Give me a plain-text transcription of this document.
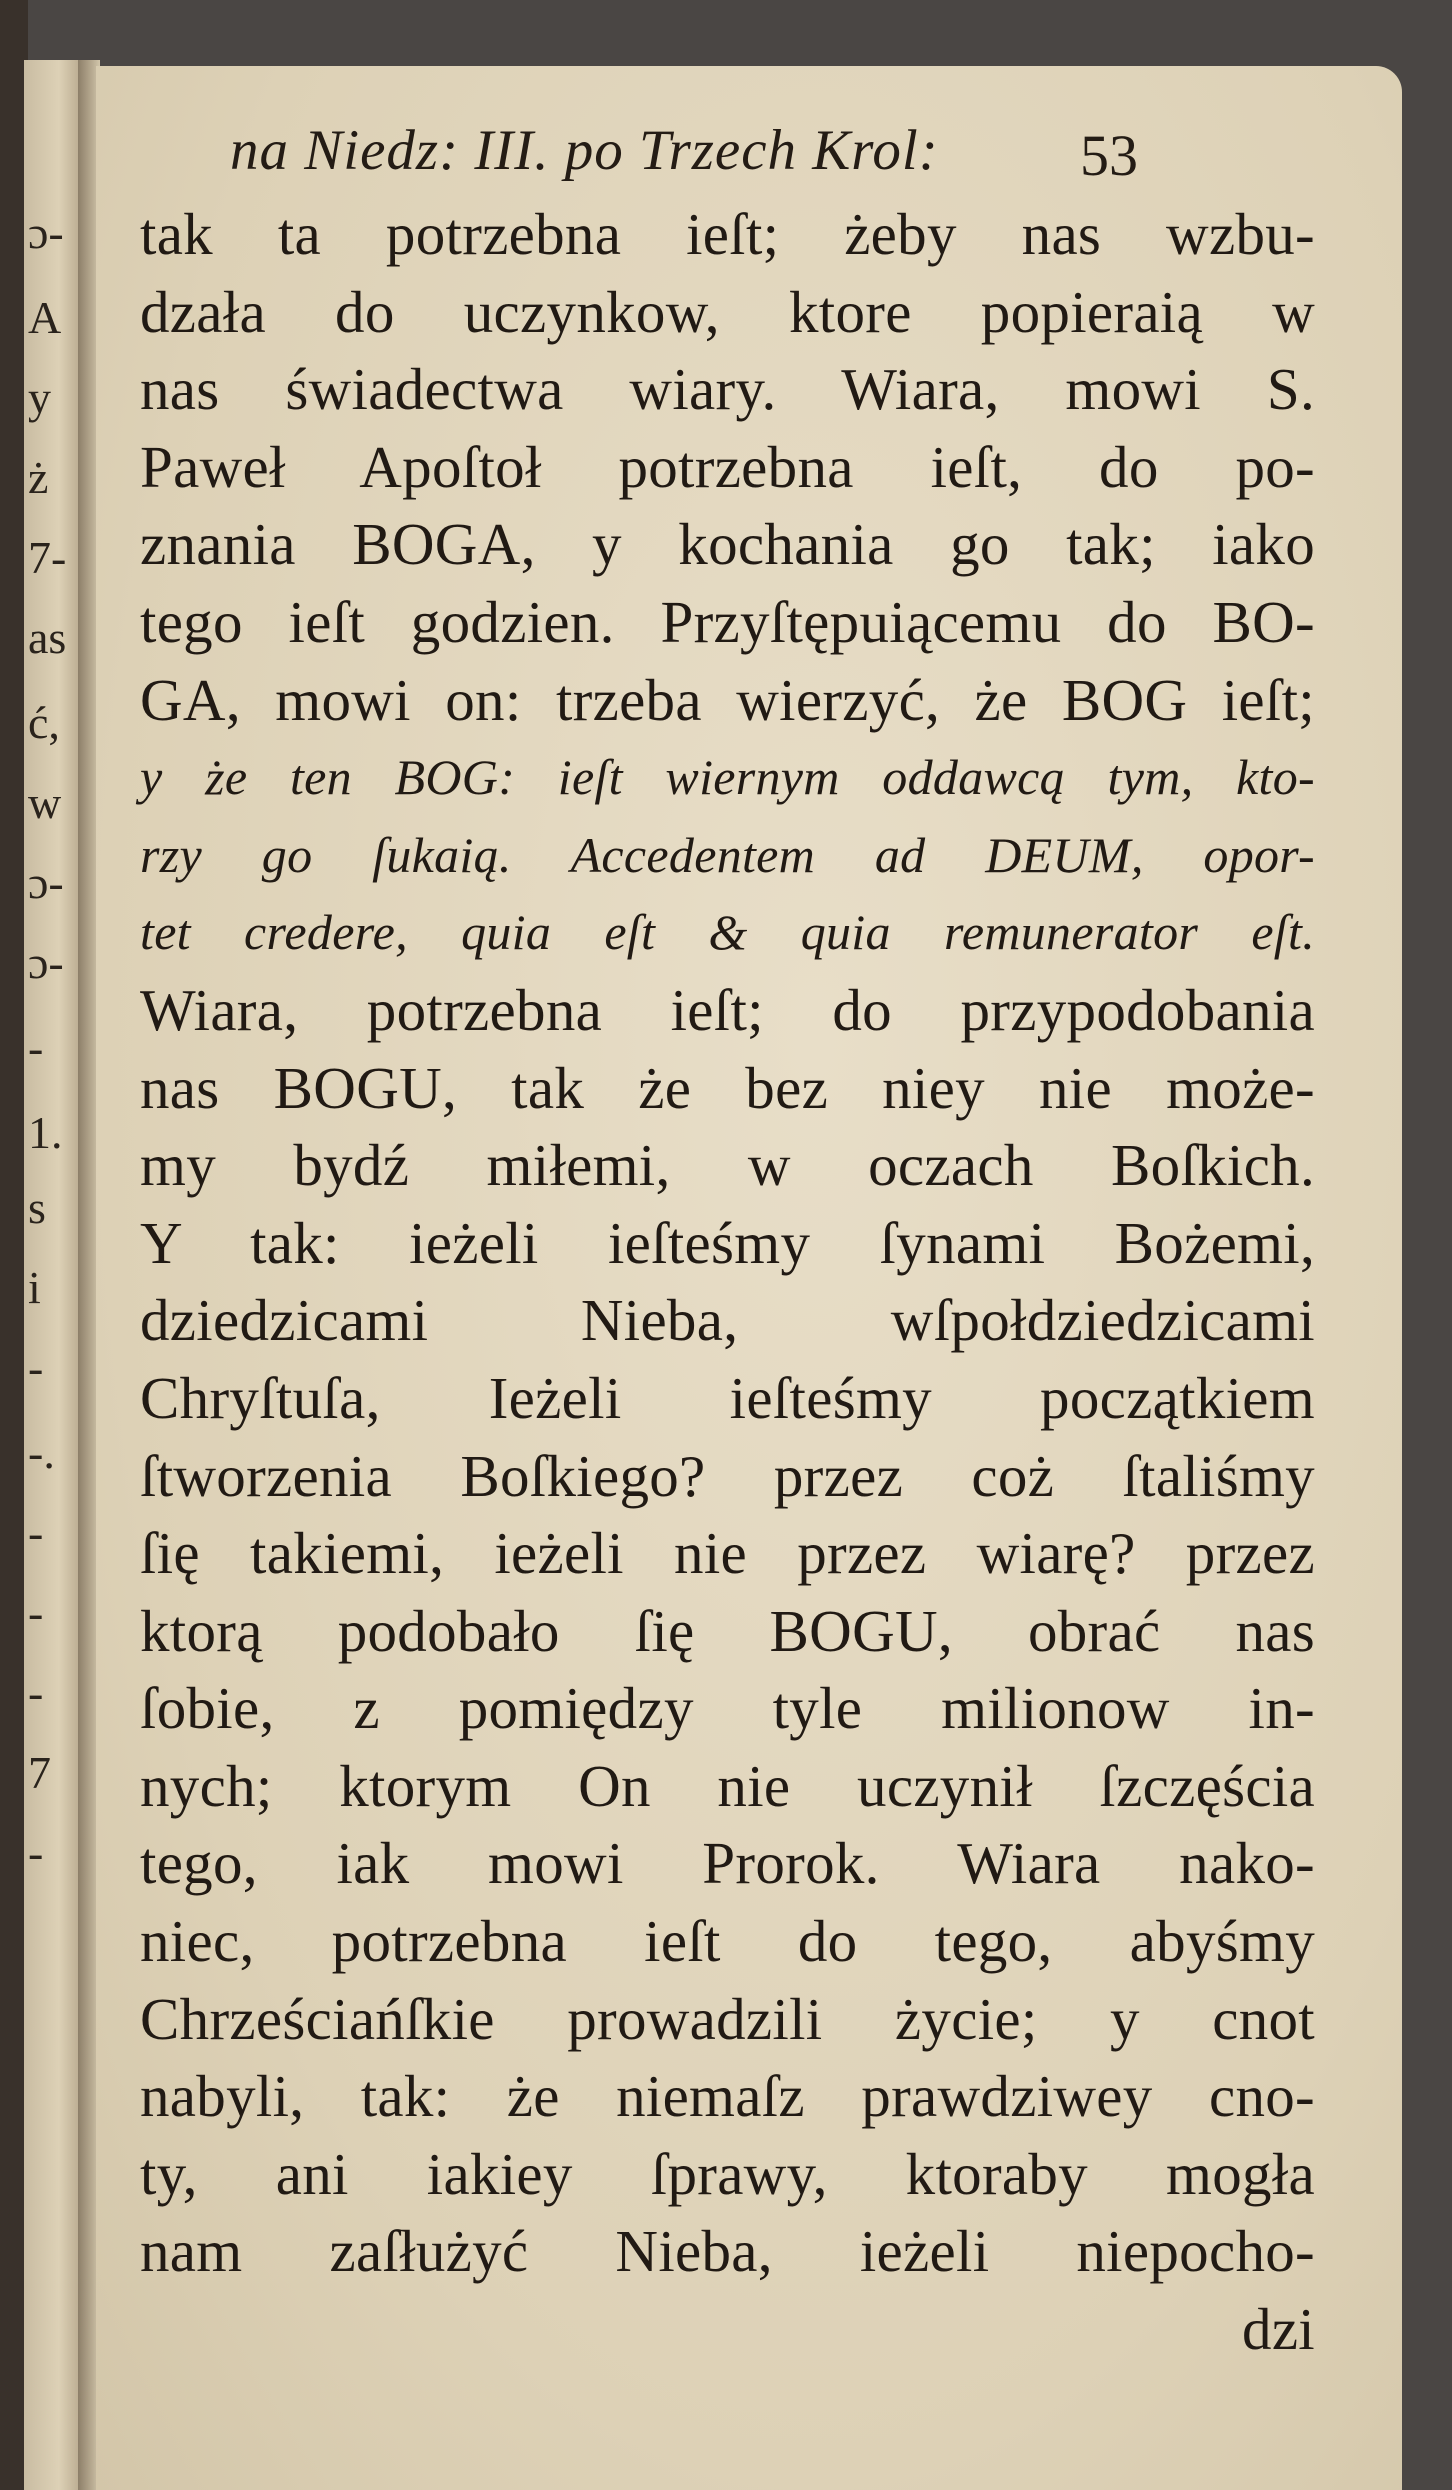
ɔ-
A
y
ż
7-
as
ć,
w
ɔ-
ɔ-
-
1.
s
i
-
-.
-
-
-
7
-
na Niedz: III. po Trzech Krol: 53
tak ta potrzebna ieſt; żeby nas wzbu-
dzała do uczynkow, ktore popieraią w
nas świadectwa wiary. Wiara, mowi S.
Paweł Apoſtoł potrzebna ieſt, do po-
znania BOGA, y kochania go tak; iako
tego ieſt godzien. Przyſtępuiącemu do BO-
GA, mowi on: trzeba wierzyć, że BOG ieſt;
y że ten BOG: ieſt wiernym oddawcą tym, kto-
rzy go ſukaią. Accedentem ad DEUM, opor-
tet credere, quia eſt & quia remunerator eſt.
Wiara, potrzebna ieſt; do przypodobania
nas BOGU, tak że bez niey nie może-
my bydź miłemi, w oczach Boſkich.
Y tak: ieżeli ieſteśmy ſynami Bożemi,
dziedzicami Nieba, wſpołdziedzicami
Chryſtuſa, Ieżeli ieſteśmy początkiem
ſtworzenia Boſkiego? przez coż ſtaliśmy
ſię takiemi, ieżeli nie przez wiarę? przez
ktorą podobało ſię BOGU, obrać nas
ſobie, z pomiędzy tyle milionow in-
nych; ktorym On nie uczynił ſzczęścia
tego, iak mowi Prorok. Wiara nako-
niec, potrzebna ieſt do tego, abyśmy
Chrześciańſkie prowadzili życie; y cnot
nabyli, tak: że niemaſz prawdziwey cno-
ty, ani iakiey ſprawy, ktoraby mogła
nam zaſłużyć Nieba, ieżeli niepocho-
dzi
